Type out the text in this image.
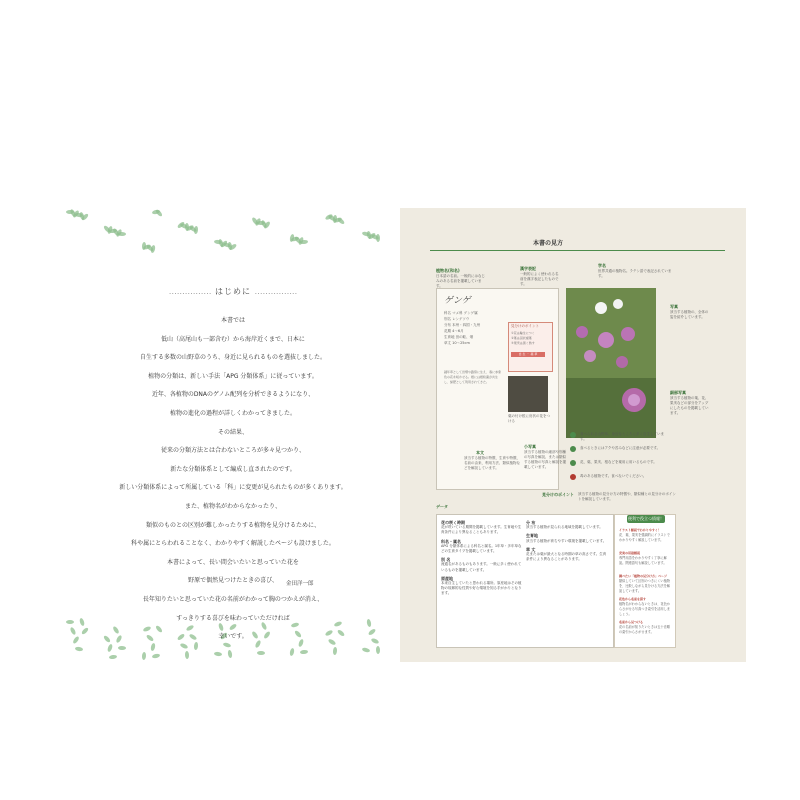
‥‥‥‥‥‥‥‥ はじめに ‥‥‥‥‥‥‥‥
本書では
低山（高尾山も一部含む）から海岸近くまで、日本に
自生する多数の山野草のうち、身近に見られるものを選抜しました。
植物の分類は、新しい手法「APG 分類体系」に従っています。
近年、各植物のDNAのゲノム配列を分析できるようになり、
植物の進化の過程が詳しくわかってきました。
その結果、
従来の分類方法とは合わないところが多々見つかり、
新たな分類体系として編成し直されたのです。
新しい分類体系によって所属している「科」に変更が見られたものが多くあります。
また、植物名がわからなかったり、
類似のものとの区別が難しかったりする植物を見分けるために、
科や属にとらわれることなく、わかりやすく解説したページも設けました。
本書によって、長い間会いたいと思っていた花を
野原で偶然見つけたときの喜び、
長年知りたいと思っていた花の名前がわかって胸のつかえが消え、
すっきりする喜びを味わっていただければ
幸いです。
金田洋一郎
本書の見方
ゲンゲ
科名 マメ科 ゲンゲ属
別名 レンゲソウ
分布 本州・四国・九州
花期 4〜6月
生育地 田の畦、畑
草丈 10〜25cm
見分けのポイント
①花は輪生につく
②葉は羽状複葉
③果実は黒く熟す
自 生 ・ 薬 草
越年草として田畑や路傍に生え、春に赤紫色の花を咲かせる。根には根粒菌が共生し、緑肥として利用されてきた。
葉の付け根に房状の花をつける
植物名(和名)
日本語の名前。一般的にはなじみのある名前を掲載しています。
漢字表記
一般的によく使われる名前を漢字表記したものです。
学名
世界共通の植物名。ラテン語で表記されています。
写真
該当する植物の、全体の姿を紹介しています。
細部写真
該当する植物の葉、花、果実などの部分をアップにしたものを掲載しています。
小写真
該当する植物の細部や別種の写真を解説、または類似する植物の写真と解説を掲載しています。
本文
該当する植物の特徴、生育や特徴、名前の由来、利用方法、類似植物などを解説しています。
見分けのポイント 該当する植物の見分け方の特徴や、類似種との見分けのポイントを解説しています。
データ
食べられる山野草。身近なところに多く自生しています。
食べるときにはアクや苦みなどに注意が必要です。
花、葉、果実、根などを薬用に用いるものです。
毒のある植物です。食べないでください。
花の咲く時期
花が咲いている期間を掲載しています。生育地や生育条件により異なることもあります。
科名・属名
APG 分類体系による科名と属名。1年草・多年草などの生育タイプを掲載しています。
別 名
流通名があるものもあります。一般に多く使われているものを掲載しています。
原産地
本来自生していたと思われる場所。原産地はその植物の故郷的な性質や好む環境を知る手がかりとなります。
分 布
該当する植物が見られる地域を掲載しています。
生育地
該当する植物が育ちやすい環境を掲載しています。
草 丈
花または葉が最大となる時期の草の高さです。生育条件により異なることがあります。
便利で役立つ情報！
イラスト解説でわかりやすく！
花、葉、果実を強調的にイラストでわかりやすく解説しています。
充実の用語解説
専門用語をわかりやすく丁寧に解説。関連語句も解説しています。
調べたい「植物の見分け方」ページ
類似していて区別のつきにくい植物を、比較しながら見分ける方法を解説しています。
花色から名前を探す
植物名がわからないときは、花色からさがせる写真つき索引を活用しましょう。
名前から見つける
花の名前が知りたいときは五十音順の索引からさがせます。
